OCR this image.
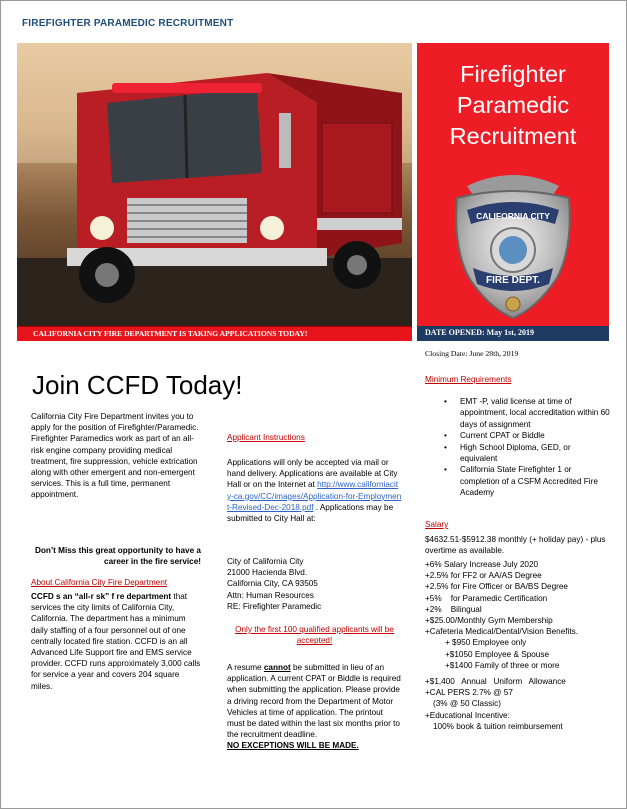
FIREFIGHTER PARAMEDIC RECRUITMENT
CALIFORNIA CITY FIRE DEPARTMENT IS TAKING APPLICATIONS TODAY!
Firefighter
Paramedic
Recruitment
CALIFORNIA CITY
FIRE DEPT.
DATE OPENED: May 1st, 2019
Closing Date: June 28th, 2019
Join CCFD Today!
California City Fire Department invites you to apply for the position of Firefighter/Paramedic. Firefighter Paramedics work as part of an all-risk engine company providing medical treatment, fire suppression, vehicle extrication along with other emergent and non-emergent services. This is a full time, permanent appointment.
Don’t Miss this great opportunity to have a career in the fire service!
About California City Fire Department
CCFD s an “all-r sk” f re department that services the city limits of California City, California. The department has a minimum daily staffing of a four personnel out of one centrally located fire station. CCFD is an all Advanced Life Support fire and EMS service provider. CCFD runs approximately 3,000 calls for service a year and covers 204 square miles.
Applicant Instructions
Applications will only be accepted via mail or hand delivery. Applications are available at City Hall or on the Internet at http://www.californiacity-ca.gov/CC/images/Application-for-Employment-Revised-Dec-2018.pdf . Applications may be submitted to City Hall at:
City of California City
21000 Hacienda Blvd.
California City, CA 93505
Attn: Human Resources
RE: Firefighter Paramedic
Only the first 100 qualified applicants will be accepted!
A resume cannot be submitted in lieu of an application. A current CPAT or Biddle is required when submitting the application. Please provide a driving record from the Department of Motor Vehicles at time of application. The printout must be dated within the last six months prior to the recruitment deadline.
NO EXCEPTIONS WILL BE MADE.
Minimum Requirements
• EMT -P, valid license at time of appointment, local accreditation within 60 days of assignment
• Current CPAT or Biddle
• High School Diploma, GED, or equivalent
• California State Firefighter 1 or completion of a CSFM Accredited Fire Academy
Salary
$4632.51-$5912.38 monthly (+ holiday pay) - plus overtime as available.
+6% Salary Increase July 2020
+2.5% for FF2 or AA/AS Degree
+2.5% for Fire Officer or BA/BS Degree
+5%    for Paramedic Certification
+2%    Bilingual
+$25.00/Monthly Gym Membership
+Cafeteria Medical/Dental/Vision Benefits.
+ $950 Employee only
+$1050 Employee & Spouse
+$1400 Family of three or more
+$1,400   Annual   Uniform   Allowance
+CAL PERS 2.7% @ 57
(3% @ 50 Classic)
+Educational Incentive:
100% book & tuition reimbursement
